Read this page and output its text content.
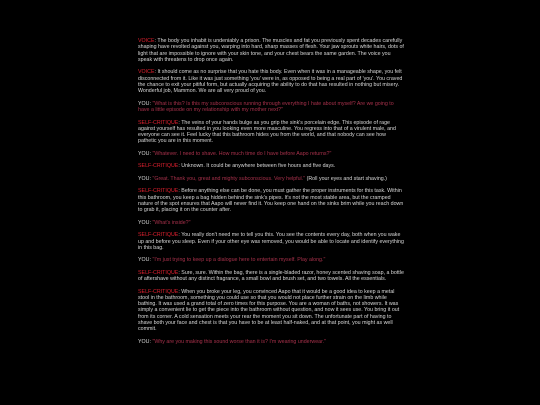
VOICE: The body you inhabit is undeniably a prison. The muscles and fat you previously spent decades carefully shaping have revolted against you, warping into hard, sharp masses of flesh. Your jaw sprouts white hairs, dots of light that are impossible to ignore with your skin tone, and your chest bears the same garden. The voice you speak with threatens to drop once again.
VOICE: It should come as no surprise that you hate this body. Even when it was in a manageable shape, you felt disconnected from it. Like it was just something 'you' were in, as opposed to being a real part of 'you'. You craved the chance to exit your pitiful form, but actually acquiring the ability to do that has resulted in nothing but misery. Wonderful job, Mammon. We are all very proud of you.
YOU: "What is this? Is this my subconscious running through everything I hate about myself? Are we going to have a little episode on my relationship with my mother next?"
SELF-CRITIQUE: The veins of your hands bulge as you grip the sink's porcelain edge. This episode of rage against yourself has resulted in you looking even more masculine. You regress into that of a virulent male, and everyone can see it. Feel lucky that this bathroom hides you from the world, and that nobody can see how pathetic you are in this moment.
YOU: "Whatever. I need to shave. How much time do I have before Aapo returns?"
SELF-CRITIQUE: Unknown. It could be anywhere between five hours and five days.
YOU: "Great. Thank you, great and mighty subconscious. Very helpful." (Roll your eyes and start shaving.)
SELF-CRITIQUE: Before anything else can be done, you must gather the proper instruments for this task. Within this bathroom, you keep a bag hidden behind the sink's pipes. It's not the most stable area, but the cramped nature of the spot ensures that Aapo will never find it. You keep one hand on the sinks brim while you reach down to grab it, placing it on the counter after.
YOU: "What's inside?"
SELF-CRITIQUE: You really don't need me to tell you this. You see the contents every day, both when you wake up and before you sleep. Even if your other eye was removed, you would be able to locate and identify everything in this bag.
YOU: "I'm just trying to keep up a dialogue here to entertain myself. Play along."
SELF-CRITIQUE: Sure, sure. Within the bag, there is a single-bladed razor, honey scented shaving soap, a bottle of aftershave without any distinct fragrance, a small bowl and brush set, and two towels. All the essentials.
SELF-CRITIQUE: When you broke your leg, you convinced Aapo that it would be a good idea to keep a metal stool in the bathroom, something you could use so that you would not place further strain on the limb while bathing. It was used a grand total of zero times for this purpose. You are a woman of baths, not showers. It was simply a convenient lie to get the piece into the bathroom without question, and now it sees use. You bring it out from its corner. A cold sensation meets your rear the moment you sit down. The unfortunate part of having to shave both your face and chest is that you have to be at least half-naked, and at that point, you might as well commit.
YOU: "Why are you making this sound worse than it is? I'm wearing underwear."
